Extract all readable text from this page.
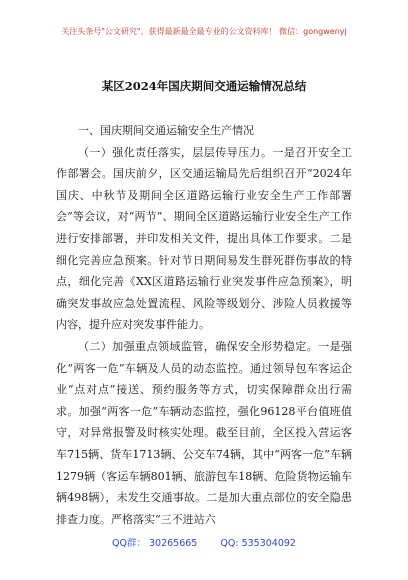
关注头条号"公文研究"，获得最新最全最专业的公文资料库！ 微信：gongwenyj
某区2024年国庆期间交通运输情况总结

一、国庆期间交通运输安全生产情况

（一）强化责任落实，层层传导压力。一是召开安全工作部署会。国庆前夕，区交通运输局先后组织召开“2024年国庆、中秋节及期间全区道路运输行业安全生产工作部署会”等会议，对“两节”、期间全区道路运输行业安全生产工作进行安排部署，并印发相关文件，提出具体工作要求。二是细化完善应急预案。针对节日期间易发生群死群伤事故的特点，细化完善《XX区道路运输行业突发事件应急预案》，明确突发事故应急处置流程、风险等级划分、涉险人员救援等内容，提升应对突发事件能力。

（二）加强重点领域监管，确保安全形势稳定。一是强化“两客一危”车辆及人员的动态监控。通过领导包车客运企业“点对点”接送、预约服务等方式，切实保障群众出行需求。加强“两客一危”车辆动态监控，强化96128平台值班值守，对异常报警及时核实处理。截至目前，全区投入营运客车715辆、货车1713辆、公交车74辆，其中“两客一危”车辆1279辆（客运车辆801辆、旅游包车18辆、危险货物运输车辆498辆），未发生交通事故。二是加大重点部位的安全隐患排查力度。严格落实“三不进站六

QQ群： 30265665 QQ: 535304092
